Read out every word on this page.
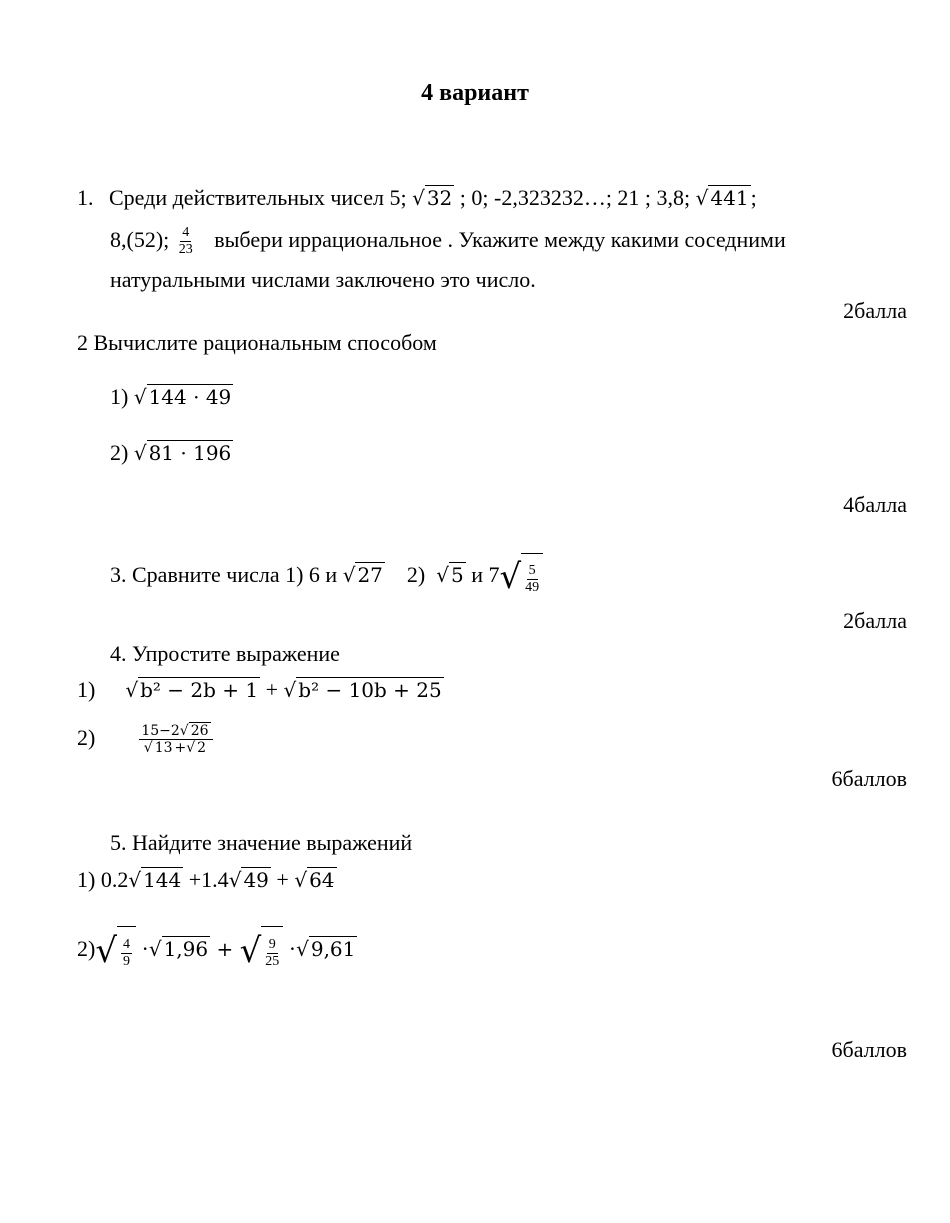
4 вариант
1. Среди действительных чисел 5; √ 32 ; 0; -2,323232…; 21 ; 3,8; √ 441;
8,(52); $\frac{4}{23}$ выбери иррациональное . Укажите между какими соседними
натуральными числами заключено это число.
2балла
2 Вычислите рациональным способом
1) √ 144 · 49
2) √ 81 · 196
4балла
3. Сравните числа 1) 6 и √ 27    2)  √ 5 и $7√ \frac{5}{49}$
2балла
4. Упростите выражение
1) √ b² − 2b + 1 + √ b² − 10b + 25
2)	$\frac{15-2√ 26}{√ 13 +√ 2}$
6баллов
5. Найдите значение выражений
1) 0.2√ 144 +1.4√ 49 + √ 64
$2)√ \frac{4}{9}$ ·√ 1,96 + √ $\frac{9}{25}$ ·√ 9,61
6баллов
